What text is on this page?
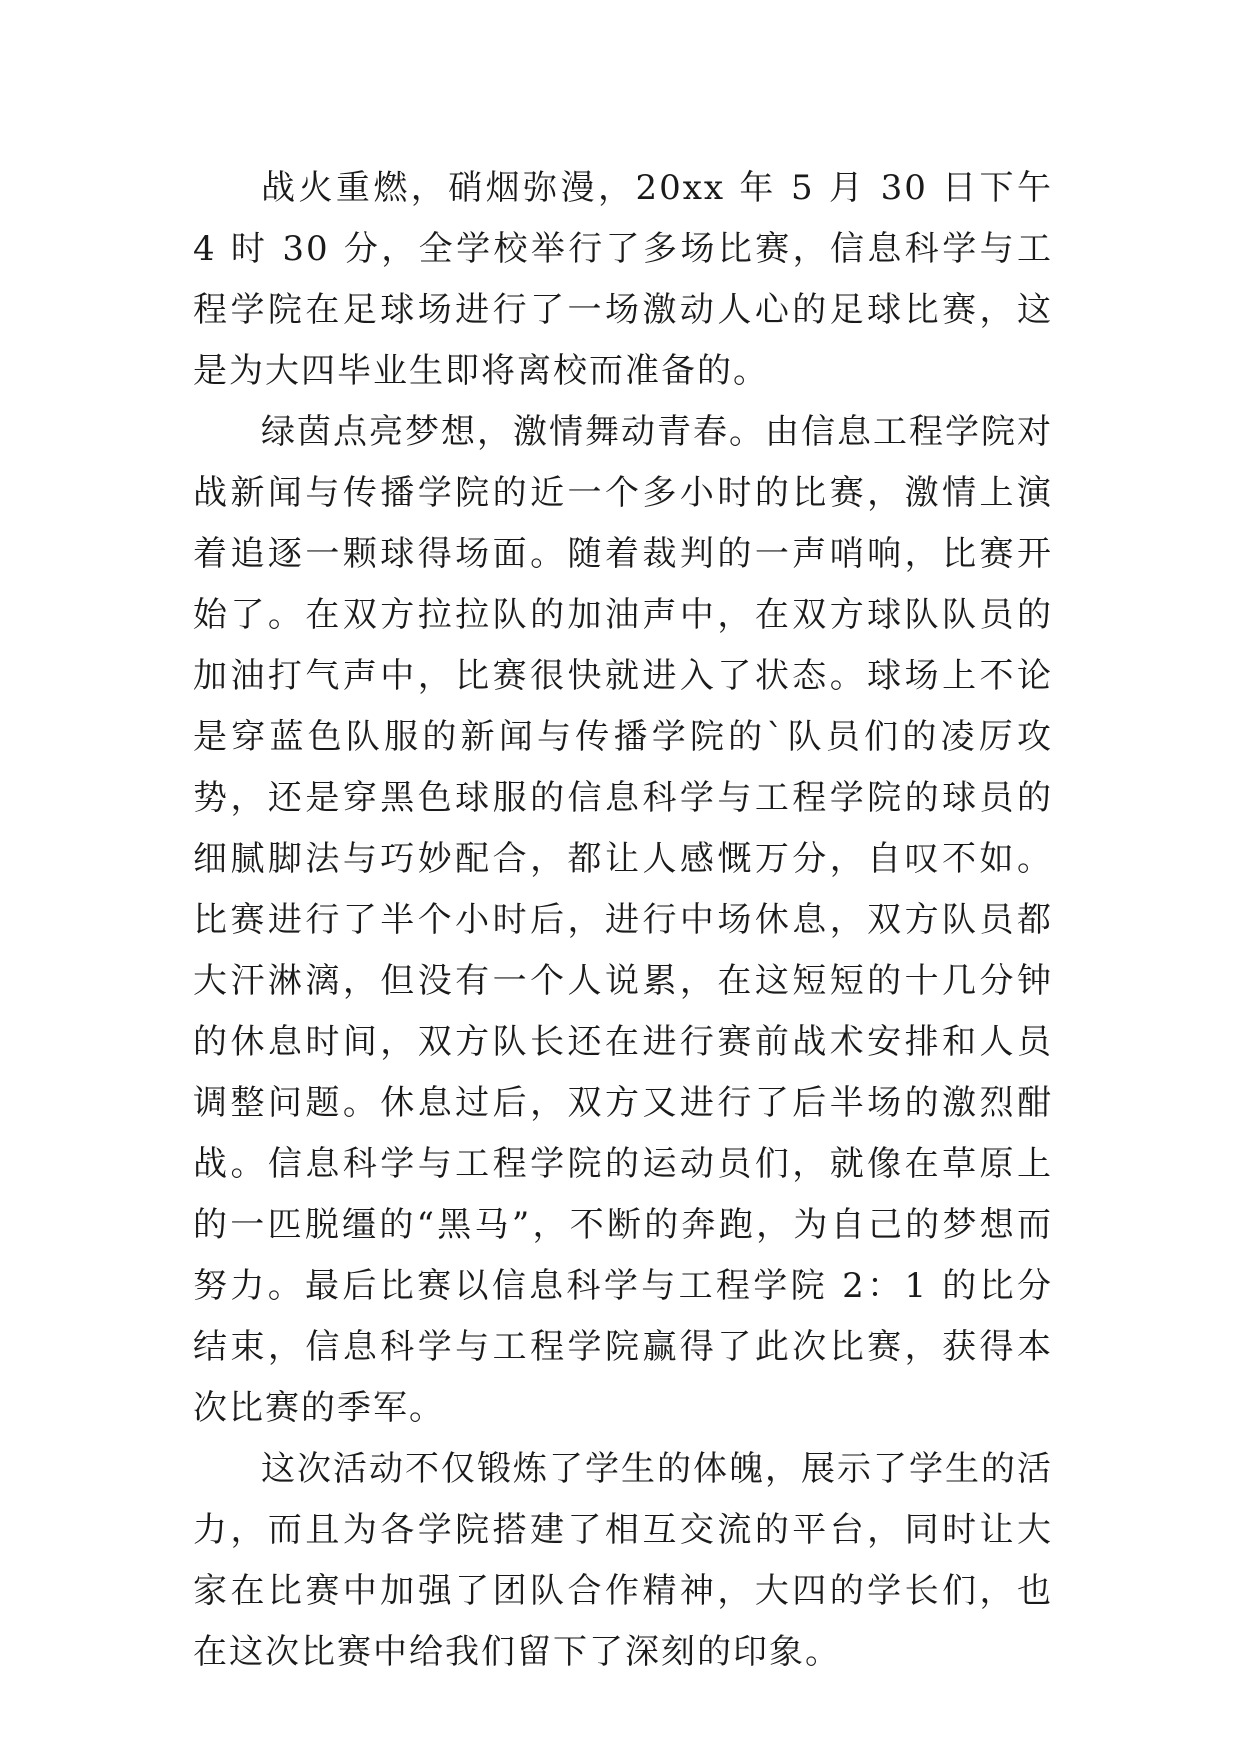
战火重燃，硝烟弥漫，20xx 年 5 月 30 日下午 4 时 30 分，全学校举行了多场比赛，信息科学与工程学院在足球场进行了一场激动人心的足球比赛，这是为大四毕业生即将离校而准备的。

绿茵点亮梦想，激情舞动青春。由信息工程学院对战新闻与传播学院的近一个多小时的比赛，激情上演着追逐一颗球得场面。随着裁判的一声哨响，比赛开始了。在双方拉拉队的加油声中，在双方球队队员的加油打气声中，比赛很快就进入了状态。球场上不论是穿蓝色队服的新闻与传播学院的`队员们的凌厉攻势，还是穿黑色球服的信息科学与工程学院的球员的细腻脚法与巧妙配合，都让人感慨万分，自叹不如。比赛进行了半个小时后，进行中场休息，双方队员都大汗淋漓，但没有一个人说累，在这短短的十几分钟的休息时间，双方队长还在进行赛前战术安排和人员调整问题。休息过后，双方又进行了后半场的激烈酣战。信息科学与工程学院的运动员们，就像在草原上的一匹脱缰的“黑马”，不断的奔跑，为自己的梦想而努力。最后比赛以信息科学与工程学院 2：1 的比分结束，信息科学与工程学院赢得了此次比赛，获得本次比赛的季军。

这次活动不仅锻炼了学生的体魄，展示了学生的活力，而且为各学院搭建了相互交流的平台，同时让大家在比赛中加强了团队合作精神，大四的学长们，也在这次比赛中给我们留下了深刻的印象。
